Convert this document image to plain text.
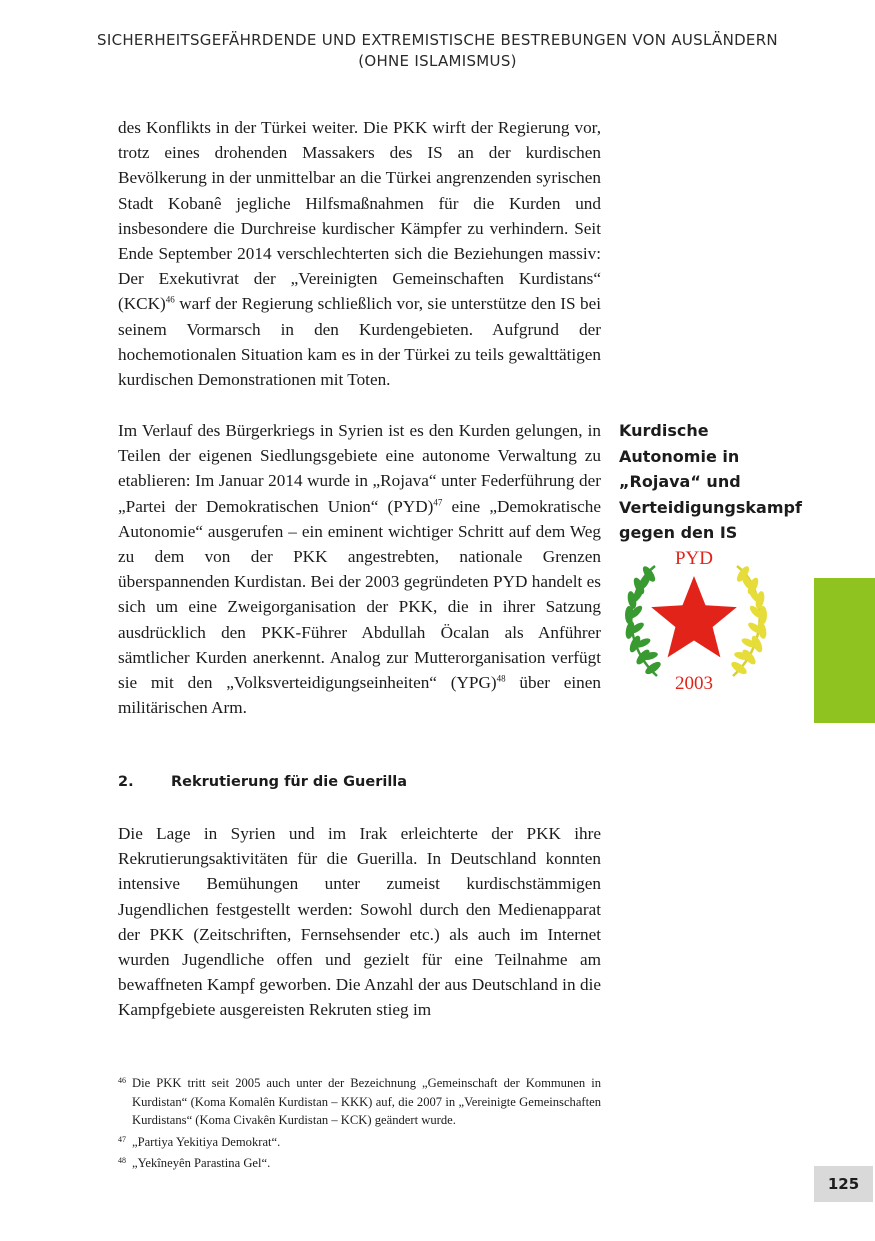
SICHERHEITSGEFÄHRDENDE UND EXTREMISTISCHE BESTREBUNGEN VON AUSLÄNDERN
(OHNE ISLAMISMUS)

des Konflikts in der Türkei weiter. Die PKK wirft der Regierung vor, trotz eines drohenden Massakers des IS an der kurdischen Bevölkerung in der unmittelbar an die Türkei angrenzenden syrischen Stadt Kobanê jegliche Hilfsmaßnahmen für die Kurden und insbesondere die Durchreise kurdischer Kämpfer zu verhindern. Seit Ende September 2014 verschlechterten sich die Beziehungen massiv: Der Exekutivrat der „Vereinigten Gemeinschaften Kurdistans“ (KCK)$^{46}$ warf der Regierung schließlich vor, sie unterstütze den IS bei seinem Vormarsch in den Kurdengebieten. Aufgrund der hochemotionalen Situation kam es in der Türkei zu teils gewalttätigen kurdischen Demonstrationen mit Toten.

Im Verlauf des Bürgerkriegs in Syrien ist es den Kurden gelungen, in Teilen der eigenen Siedlungsgebiete eine autonome Verwaltung zu etablieren: Im Januar 2014 wurde in „Rojava“ unter Federführung der „Partei der Demokratischen Union“ (PYD)$^{47}$ eine „Demokratische Autonomie“ ausgerufen – ein eminent wichtiger Schritt auf dem Weg zu dem von der PKK angestrebten, nationale Grenzen überspannenden Kurdistan. Bei der 2003 gegründeten PYD handelt es sich um eine Zweigorganisation der PKK, die in ihrer Satzung ausdrücklich den PKK-Führer Abdullah Öcalan als Anführer sämtlicher Kurden anerkennt. Analog zur Mutterorganisation verfügt sie mit den „Volksverteidigungseinheiten“ (YPG)$^{48}$ über einen militärischen Arm.

Kurdische Autonomie in „Rojava“ und Verteidigungskampf gegen den IS
PYD
2003
2.	Rekrutierung für die Guerilla

Die Lage in Syrien und im Irak erleichterte der PKK ihre Rekrutierungsaktivitäten für die Guerilla. In Deutschland konnten intensive Bemühungen unter zumeist kurdischstämmigen Jugendlichen festgestellt werden: Sowohl durch den Medienapparat der PKK (Zeitschriften, Fernsehsender etc.) als auch im Internet wurden Jugendliche offen und gezielt für eine Teilnahme am bewaffneten Kampf geworben. Die Anzahl der aus Deutschland in die Kampfgebiete ausgereisten Rekruten stieg im

46 Die PKK tritt seit 2005 auch unter der Bezeichnung „Gemeinschaft der Kommunen in Kurdistan“ (Koma Komalên Kurdistan – KKK) auf, die 2007 in „Vereinigte Gemeinschaften Kurdistans“ (Koma Civakên Kurdistan – KCK) geändert wurde.

47 „Partiya Yekitiya Demokrat“.

48 „Yekîneyên Parastina Gel“.

125
